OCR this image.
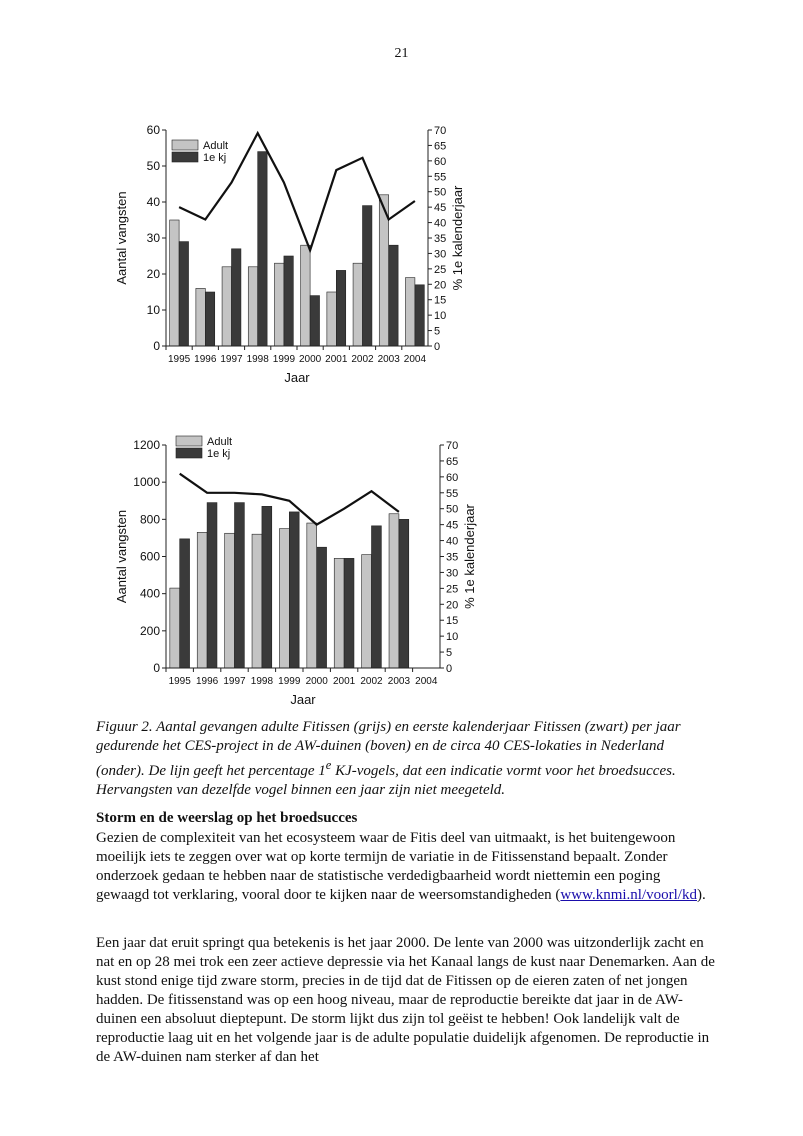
21
0
10
20
30
40
50
60
0
5
10
15
20
25
30
35
40
45
50
55
60
65
70
1995 1996 1997 1998 1999 2000 2001 2002 2003 2004
Jaar
Aantal vangsten	% 1e kalenderjaar
Adult
1e kj
0
200
400
600
800
1000
1200
0
5
10
15
20
25
30
35
40
45
50
55
60
65
70
1995 1996 1997 1998 1999 2000 2001 2002 2003 2004
Jaar
Aantal vangsten	% 1e kalenderjaar
Adult
1e kj

Figuur 2. Aantal gevangen adulte Fitissen (grijs) en eerste kalenderjaar Fitissen (zwart) per jaar gedurende het CES-project in de AW-duinen (boven) en de circa 40 CES-lokaties in Nederland (onder). De lijn geeft het percentage 1e KJ-vogels, dat een indicatie vormt voor het broedsucces. Hervangsten van dezelfde vogel binnen een jaar zijn niet meegeteld.

Storm en de weerslag op het broedsucces

Gezien de complexiteit van het ecosysteem waar de Fitis deel van uitmaakt, is het buitengewoon moeilijk iets te zeggen over wat op korte termijn de variatie in de Fitissenstand bepaalt. Zonder onderzoek gedaan te hebben naar de statistische verdedigbaarheid wordt niettemin een poging gewaagd tot verklaring, vooral door te kijken naar de weersomstandigheden (www.knmi.nl/voorl/kd).

Een jaar dat eruit springt qua betekenis is het jaar 2000. De lente van 2000 was uitzonderlijk zacht en nat en op 28 mei trok een zeer actieve depressie via het Kanaal langs de kust naar Denemarken. Aan de kust stond enige tijd zware storm, precies in de tijd dat de Fitissen op de eieren zaten of net jongen hadden. De fitissenstand was op een hoog niveau, maar de reproductie bereikte dat jaar in de AW-duinen een absoluut dieptepunt. De storm lijkt dus zijn tol geëist te hebben! Ook landelijk valt de reproductie laag uit en het volgende jaar is de adulte populatie duidelijk afgenomen. De reproductie in de AW-duinen nam sterker af dan het
